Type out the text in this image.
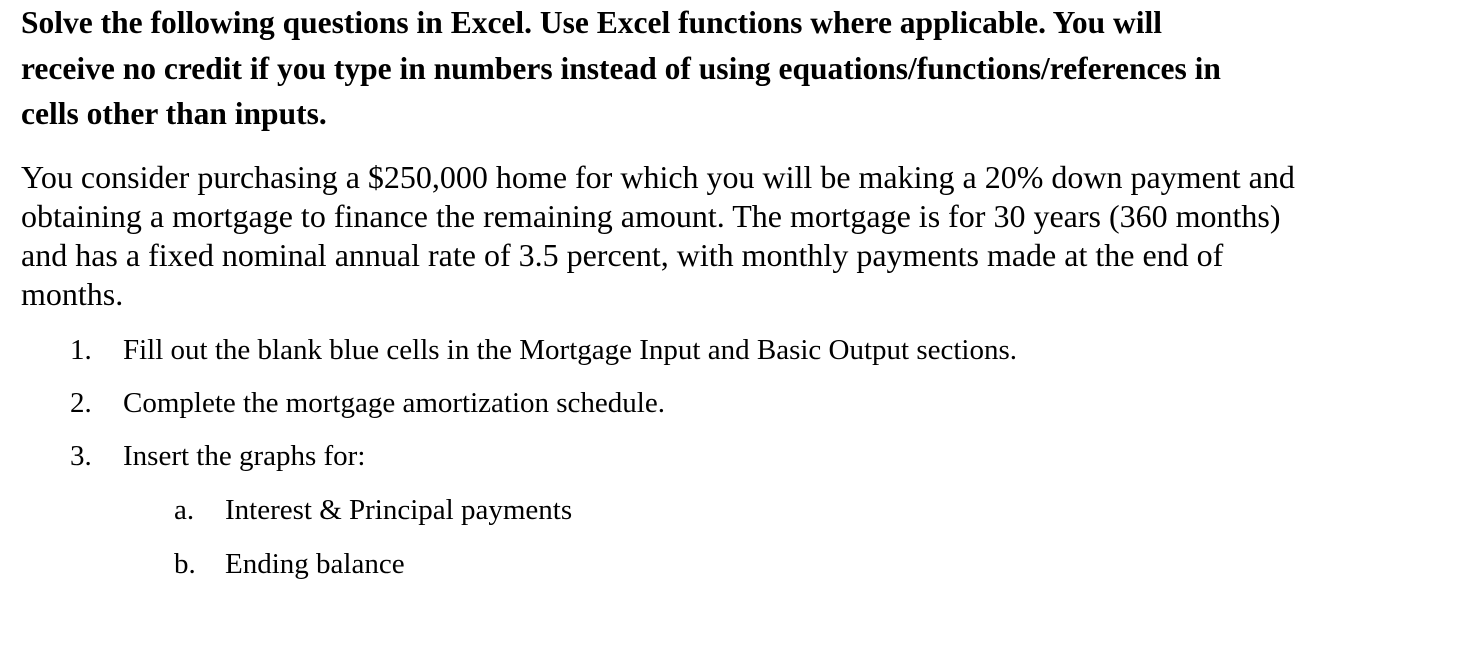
Solve the following questions in Excel. Use Excel functions where applicable. You will
receive no credit if you type in numbers instead of using equations/functions/references in
cells other than inputs.
You consider purchasing a $250,000 home for which you will be making a 20% down payment and
obtaining a mortgage to finance the remaining amount. The mortgage is for 30 years (360 months)
and has a fixed nominal annual rate of 3.5 percent, with monthly payments made at the end of
months.
1. Fill out the blank blue cells in the Mortgage Input and Basic Output sections.
2. Complete the mortgage amortization schedule.
3. Insert the graphs for:
a. Interest & Principal payments
b. Ending balance
